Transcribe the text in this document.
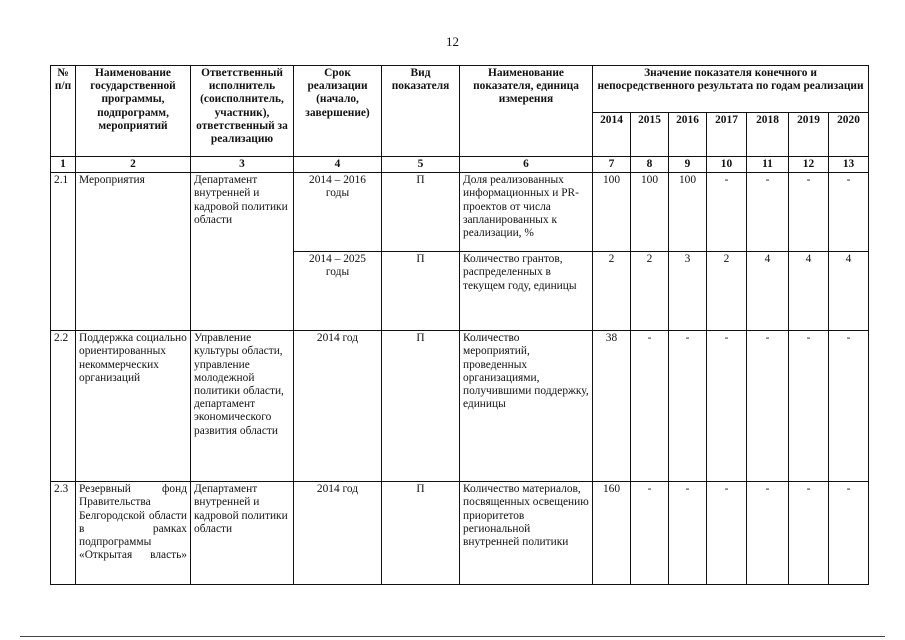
12
№ п/п	Наименование государственной программы, подпрограмм, мероприятий	Ответственный исполнитель (соисполнитель, участник), ответственный за реализацию	Срок реализации (начало, завершение)	Вид показателя	Наименование показателя, единица измерения	Значение показателя конечного и непосредственного результата по годам реализации						
						2014	2015	2016	2017	2018	2019	2020
1	2	3	4	5	6	7	8	9	10	11	12	13
2.1	Мероприятия	Департамент внутренней и кадровой политики области	2014 – 2016 годы	П	Доля реализованных информационных и PR-проектов от числа запланированных к реализации, %	100	100	100	-	-	-	-
			2014 – 2025 годы	П	Количество грантов, распределенных в текущем году, единицы	2	2	3	2	4	4	4
2.2	Поддержка социально ориентированных некоммерческих организаций	Управление культуры области, управление молодежной политики области, департамент экономического развития области	2014 год	П	Количество мероприятий, проведенных организациями, получившими поддержку, единицы	38	-	-	-	-	-	-
2.3	Резервный фонд Правительства Белгородской области в рамках подпрограммы «Открытая власть»	Департамент внутренней и кадровой политики области	2014 год	П	Количество материалов, посвященных освещению приоритетов региональной внутренней политики	160	-	-	-	-	-	-
